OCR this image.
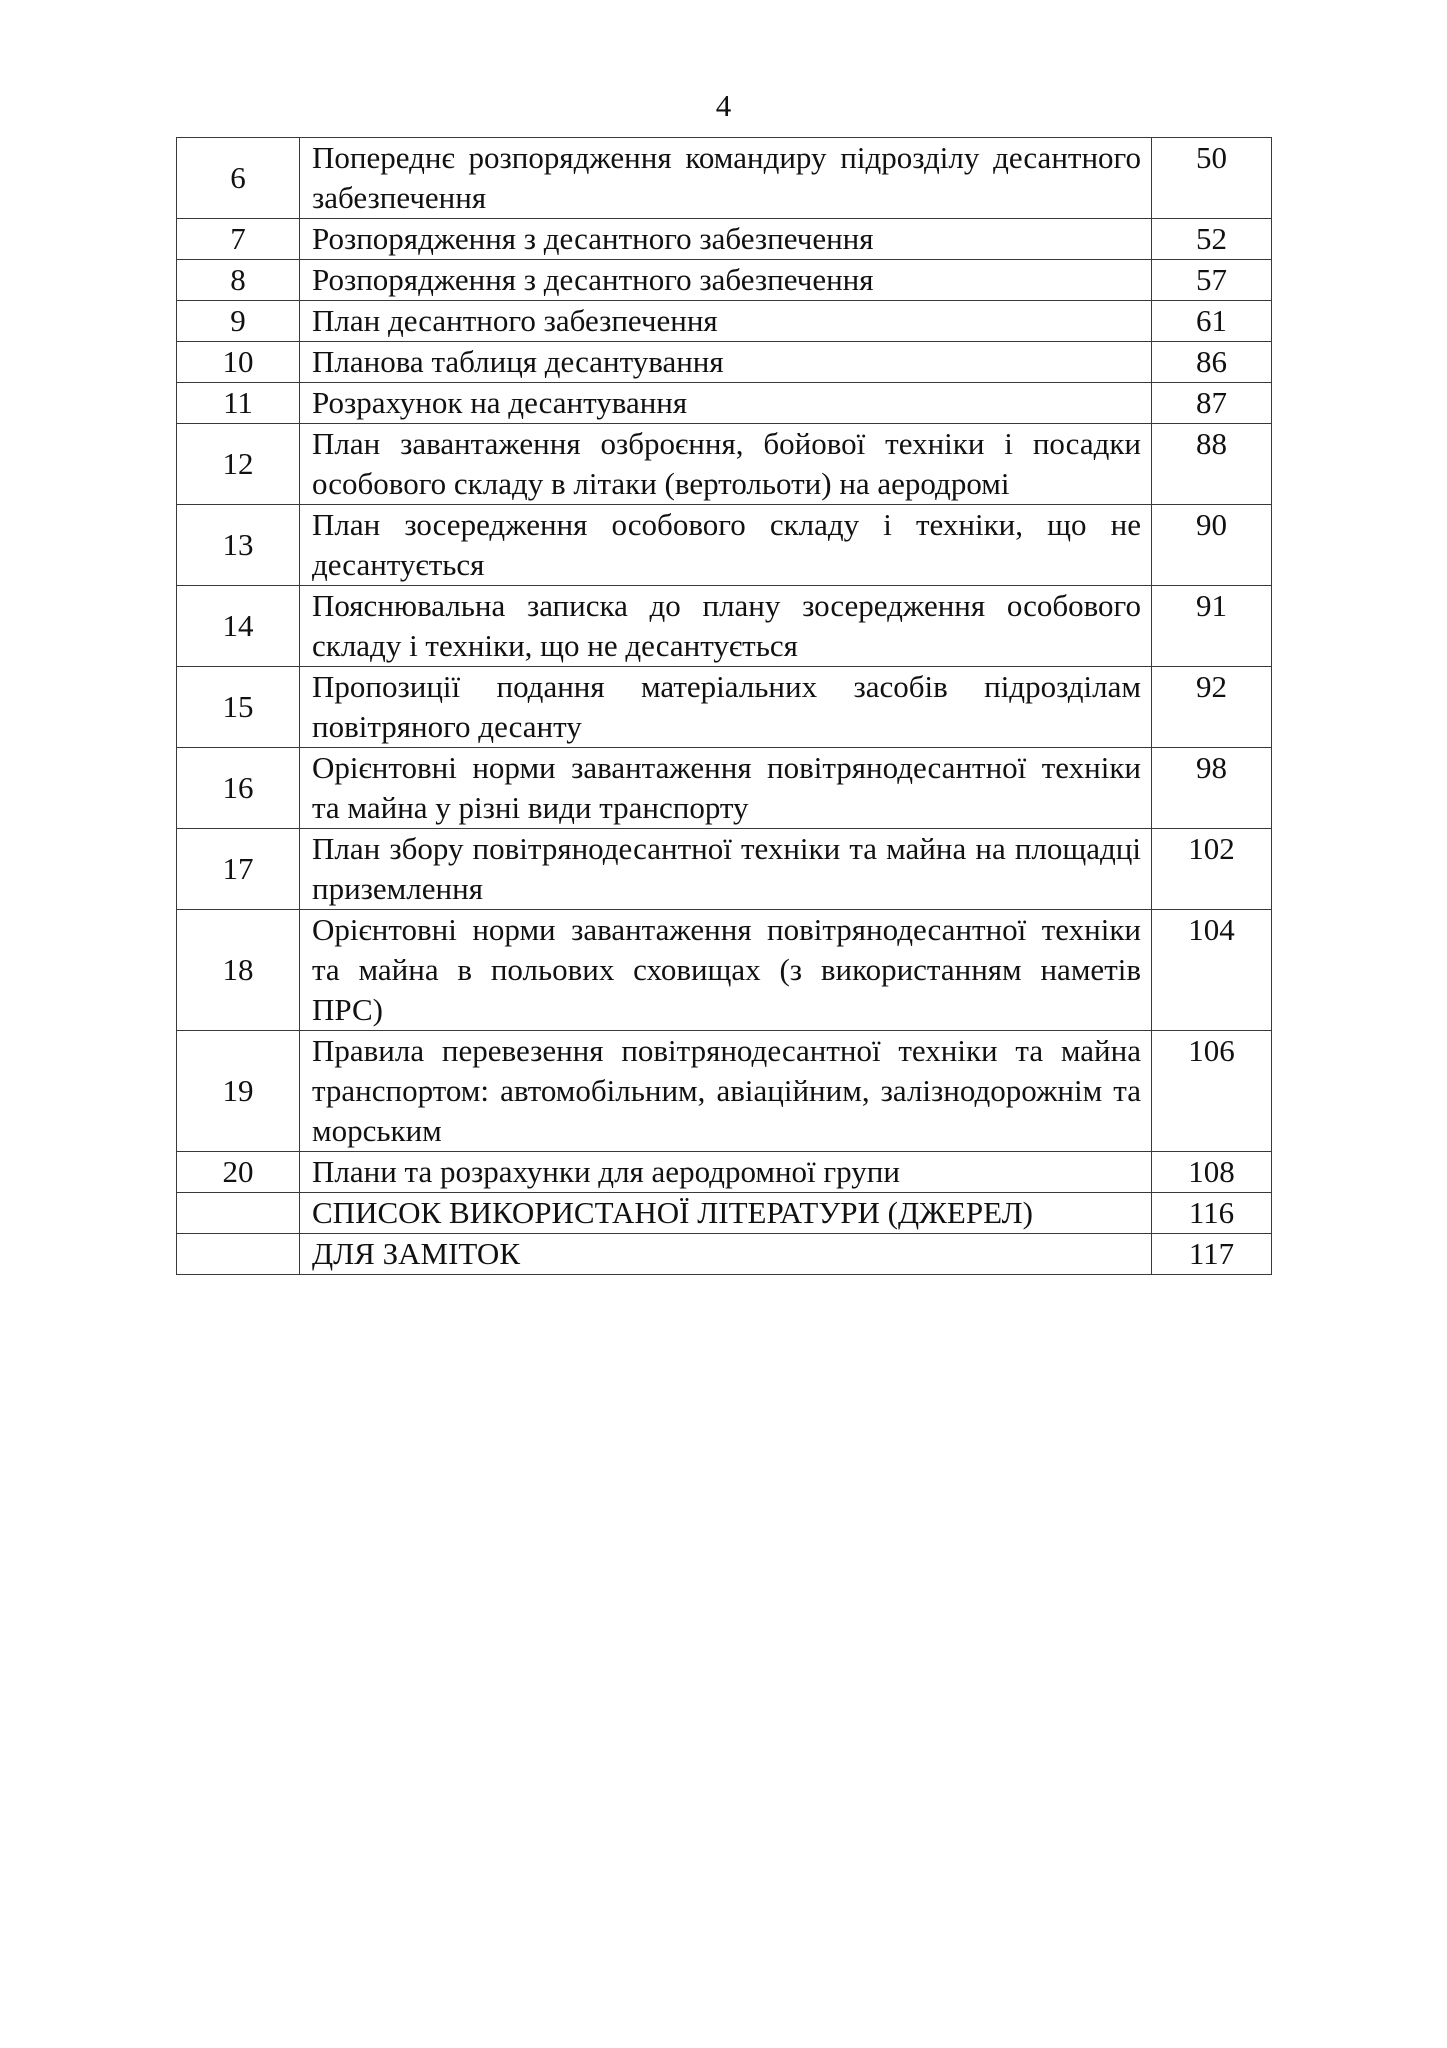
4
6	Попереднє розпорядження командиру підрозділу десантного забезпечення	50
7	Розпорядження з десантного забезпечення	52
8	Розпорядження з десантного забезпечення	57
9	План десантного забезпечення	61
10	Планова таблиця десантування	86
11	Розрахунок на десантування	87
12	План завантаження озброєння, бойової техніки і посадки особового складу в літаки (вертольоти) на аеродромі	88
13	План зосередження особового складу і техніки, що не десантується	90
14	Пояснювальна записка до плану зосередження особового складу і техніки, що не десантується	91
15	Пропозиції подання матеріальних засобів підрозділам повітряного десанту	92
16	Орієнтовні норми завантаження повітрянодесантної техніки та майна у різні види транспорту	98
17	План збору повітрянодесантної техніки та майна на площадці приземлення	102
18	Орієнтовні норми завантаження повітрянодесантної техніки та майна в польових сховищах (з використанням наметів ПРС)	104
19	Правила перевезення повітрянодесантної техніки та майна транспортом: автомобільним, авіаційним, залізнодорожнім та морським	106
20	Плани та розрахунки для аеродромної групи	108
	СПИСОК ВИКОРИСТАНОЇ ЛІТЕРАТУРИ (ДЖЕРЕЛ)	116
	ДЛЯ ЗАМІТОК	117
